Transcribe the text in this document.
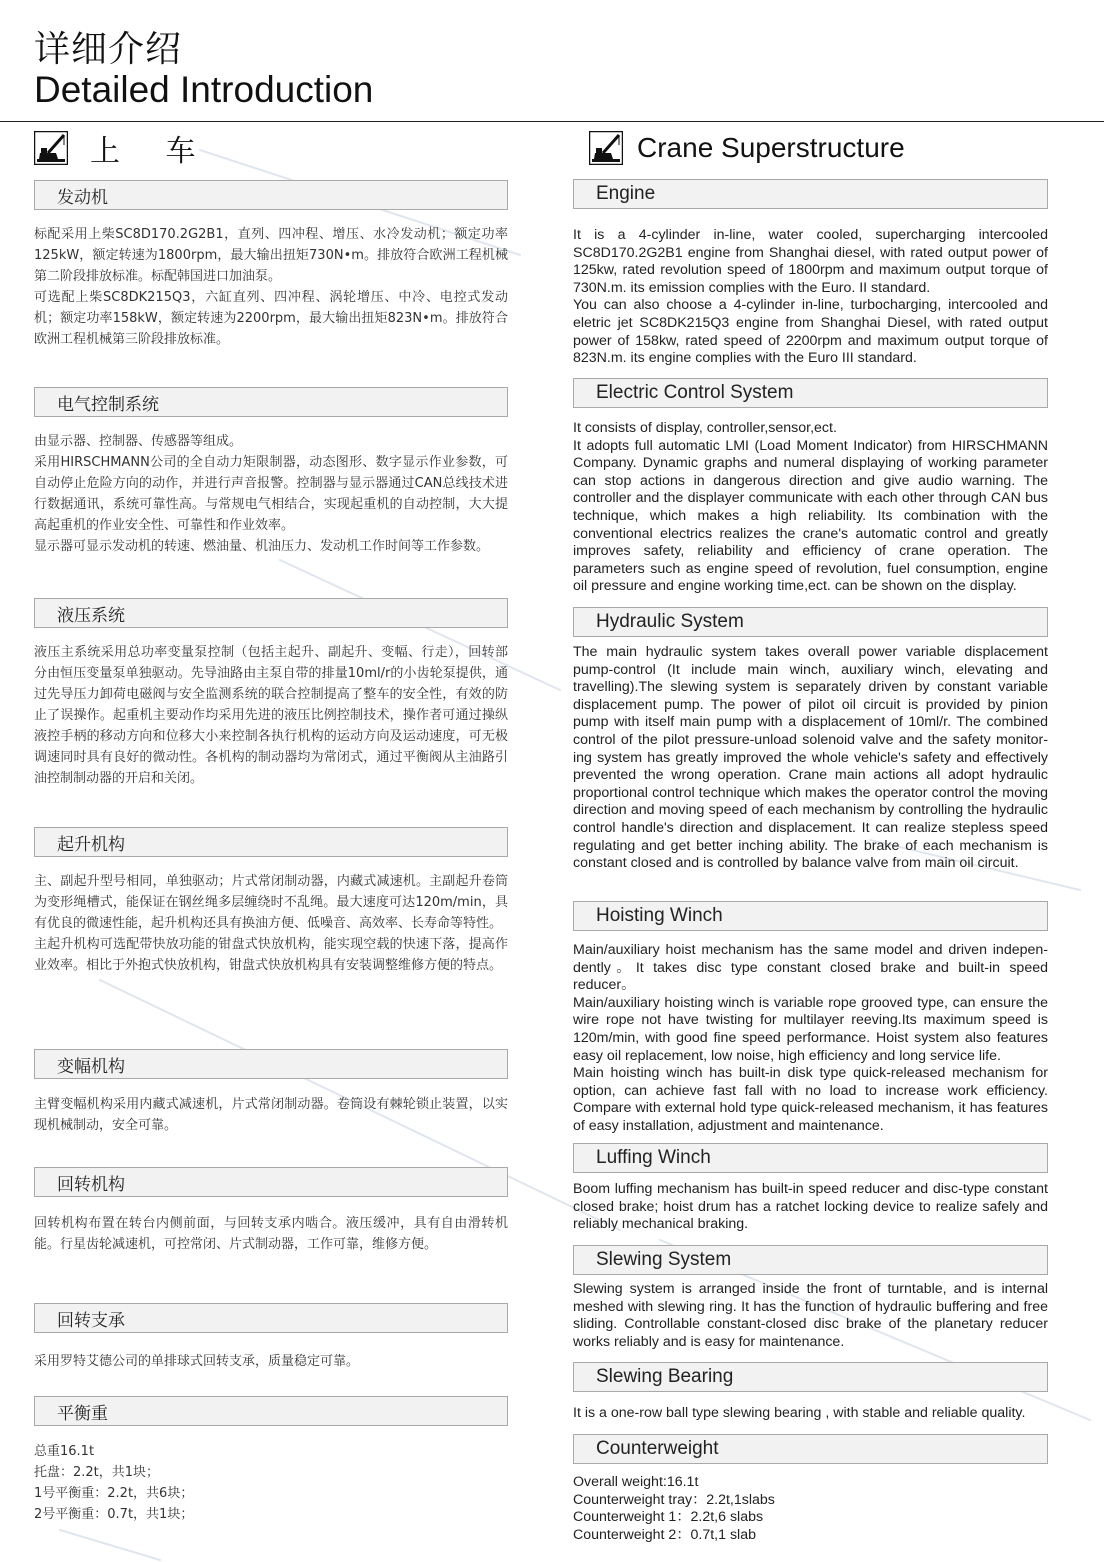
详细介绍
Detailed Introduction
上 车	Crane Superstructure
发动机

标配采用上柴SC8D170.2G2B1，直列、四冲程、增压、水冷发动机；额定功率125kW，额定转速为1800rpm，最大输出扭矩730N•m。排放符合欧洲工程机械第二阶段排放标准。标配韩国进口加油泵。

可选配上柴SC8DK215Q3，六缸直列、四冲程、涡轮增压、中冷、电控式发动机；额定功率158kW，额定转速为2200rpm，最大输出扭矩823N•m。排放符合欧洲工程机械第三阶段排放标准。

电气控制系统

由显示器、控制器、传感器等组成。

采用HIRSCHMANN公司的全自动力矩限制器，动态图形、数字显示作业参数，可自动停止危险方向的动作，并进行声音报警。控制器与显示器通过CAN总线技术进行数据通讯，系统可靠性高。与常规电气相结合，实现起重机的自动控制，大大提高起重机的作业安全性、可靠性和作业效率。

显示器可显示发动机的转速、燃油量、机油压力、发动机工作时间等工作参数。

液压系统

液压主系统采用总功率变量泵控制（包括主起升、副起升、变幅、行走），回转部分由恒压变量泵单独驱动。先导油路由主泵自带的排量10ml/r的小齿轮泵提供，通过先导压力卸荷电磁阀与安全监测系统的联合控制提高了整车的安全性，有效的防止了误操作。起重机主要动作均采用先进的液压比例控制技术，操作者可通过操纵液控手柄的移动方向和位移大小来控制各执行机构的运动方向及运动速度，可无极调速同时具有良好的微动性。各机构的制动器均为常闭式，通过平衡阀从主油路引油控制制动器的开启和关闭。

起升机构

主、副起升型号相同，单独驱动；片式常闭制动器，内藏式减速机。主副起升卷筒为变形绳槽式，能保证在钢丝绳多层缠绕时不乱绳。最大速度可达120m/min，具有优良的微速性能，起升机构还具有换油方便、低噪音、高效率、长寿命等特性。

主起升机构可选配带快放功能的钳盘式快放机构，能实现空载的快速下落，提高作业效率。相比于外抱式快放机构，钳盘式快放机构具有安装调整维修方便的特点。

变幅机构

主臂变幅机构采用内藏式减速机，片式常闭制动器。卷筒设有棘轮锁止装置，以实现机械制动，安全可靠。

回转机构

回转机构布置在转台内侧前面，与回转支承内啮合。液压缓冲，具有自由滑转机能。行星齿轮减速机，可控常闭、片式制动器，工作可靠，维修方便。

回转支承

采用罗特艾德公司的单排球式回转支承，质量稳定可靠。

平衡重

总重16.1t

托盘：2.2t，共1块；

1号平衡重：2.2t，共6块；

2号平衡重：0.7t，共1块；

Engine

It is a 4-cylinder in-line, water cooled, supercharging intercooled SC8D170.2G2B1 engine from Shanghai diesel, with rated output power of 125kw, rated revolution speed of 1800rpm and maximum output torque of 730N.m. its emission complies with the Euro. II standard.

You can also choose a 4-cylinder in-line, turbocharging, intercooled and eletric jet SC8DK215Q3 engine from Shanghai Diesel, with rated output power of 158kw, rated speed of 2200rpm and maximum output torque of 823N.m. its engine complies with the Euro III standard.

Electric Control System

It consists of display, controller,sensor,ect.

It adopts full automatic LMI (Load Moment Indicator) from HIRSCHMANN Company. Dynamic graphs and numeral displaying of working parameter can stop actions in dangerous direction and give audio warning. The controller and the displayer communicate with each other through CAN bus technique, which makes a high reliability. Its combination with the conventional electrics realizes the crane's automatic control and greatly improves safety, reliability and efficiency of crane operation. The parameters such as engine speed of revolution, fuel consumption, engine oil pressure and engine working time,ect. can be shown on the display.

Hydraulic System

The main hydraulic system takes overall power variable displacement pump-control (It include main winch, auxiliary winch, elevating and travelling).The slewing system is separately driven by constant variable displacement pump. The power of pilot oil circuit is provided by pinion pump with itself main pump with a displacement of 10ml/r. The combined control of the pilot pressure-unload solenoid valve and the safety monitor-ing system has greatly improved the whole vehicle's safety and effectively prevented the wrong operation. Crane main actions all adopt hydraulic proportional control technique which makes the operator control the moving direction and moving speed of each mechanism by controlling the hydraulic control handle's direction and displacement. It can realize stepless speed regulating and get better inching ability. The brake of each mechanism is constant closed and is controlled by balance valve from main oil circuit.

Hoisting Winch

Main/auxiliary hoist mechanism has the same model and driven indepen-dently。It takes disc type constant closed brake and built-in speed reducer。

Main/auxiliary hoisting winch is variable rope grooved type, can ensure the wire rope not have twisting for multilayer reeving.Its maximum speed is 120m/min, with good fine speed performance. Hoist system also features easy oil replacement, low noise, high efficiency and long service life.

Main hoisting winch has built-in disk type quick-released mechanism for option, can achieve fast fall with no load to increase work efficiency. Compare with external hold type quick-released mechanism, it has features of easy installation, adjustment and maintenance.

Luffing Winch

Boom luffing mechanism has built-in speed reducer and disc-type constant closed brake; hoist drum has a ratchet locking device to realize safely and reliably mechanical braking.

Slewing System

Slewing system is arranged inside the front of turntable, and is internal meshed with slewing ring. It has the function of hydraulic buffering and free sliding. Controllable constant-closed disc brake of the planetary reducer works reliably and is easy for maintenance.

Slewing Bearing

It is a one-row ball type slewing bearing , with stable and reliable quality.

Counterweight

Overall weight:16.1t

Counterweight tray：2.2t,1slabs

Counterweight 1：2.2t,6 slabs

Counterweight 2：0.7t,1 slab
